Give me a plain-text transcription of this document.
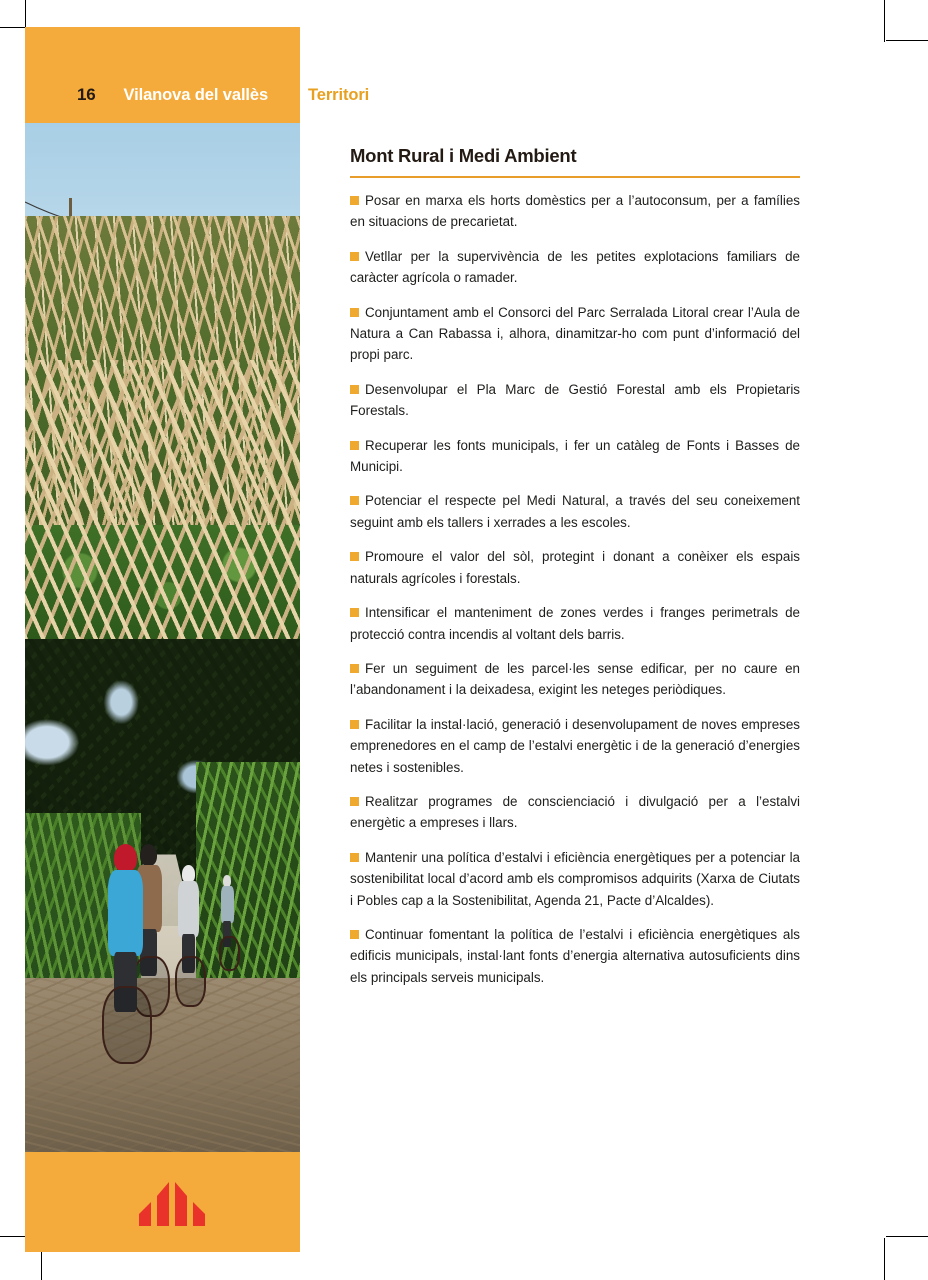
16 Vilanova del vallès Territori
Mont Rural i Medi Ambient
Posar en marxa els horts domèstics per a l’autoconsum, per a famílies en situacions de precarietat.
Vetllar per la supervivència de les petites explotacions familiars de caràcter agrícola o ramader.
Conjuntament amb el Consorci del Parc Serralada Litoral crear l’Aula de Natura a Can Rabassa i, alhora, dinamitzar-ho com punt d’informació del propi parc.
Desenvolupar el Pla Marc de Gestió Forestal amb els Propietaris Forestals.
Recuperar les fonts municipals, i fer un catàleg de Fonts i Basses de Municipi.
Potenciar el respecte pel Medi Natural, a través del seu coneixement seguint amb els tallers i xerrades a les escoles.
Promoure el valor del sòl, protegint i donant a conèixer els espais naturals agrícoles i forestals.
Intensificar el manteniment de zones verdes i franges perimetrals de protecció contra incendis al voltant dels barris.
Fer un seguiment de les parcel·les sense edificar, per no caure en l’abandonament i la deixadesa, exigint les neteges periòdiques.
Facilitar la instal·lació, generació i desenvolupament de noves empreses emprenedores en el camp de l’estalvi energètic i de la generació d’energies netes i sostenibles.
Realitzar programes de conscienciació i divulgació per a l’estalvi energètic a empreses i llars.
Mantenir una política d’estalvi i eficiència energètiques per a potenciar la sostenibilitat local d’acord amb els compromisos adquirits (Xarxa de Ciutats i Pobles cap a la Sostenibilitat, Agenda 21, Pacte d’Alcaldes).
Continuar fomentant la política de l’estalvi i eficiència energètiques als edificis municipals, instal·lant fonts d’energia alternativa autosuficients dins els principals serveis municipals.
